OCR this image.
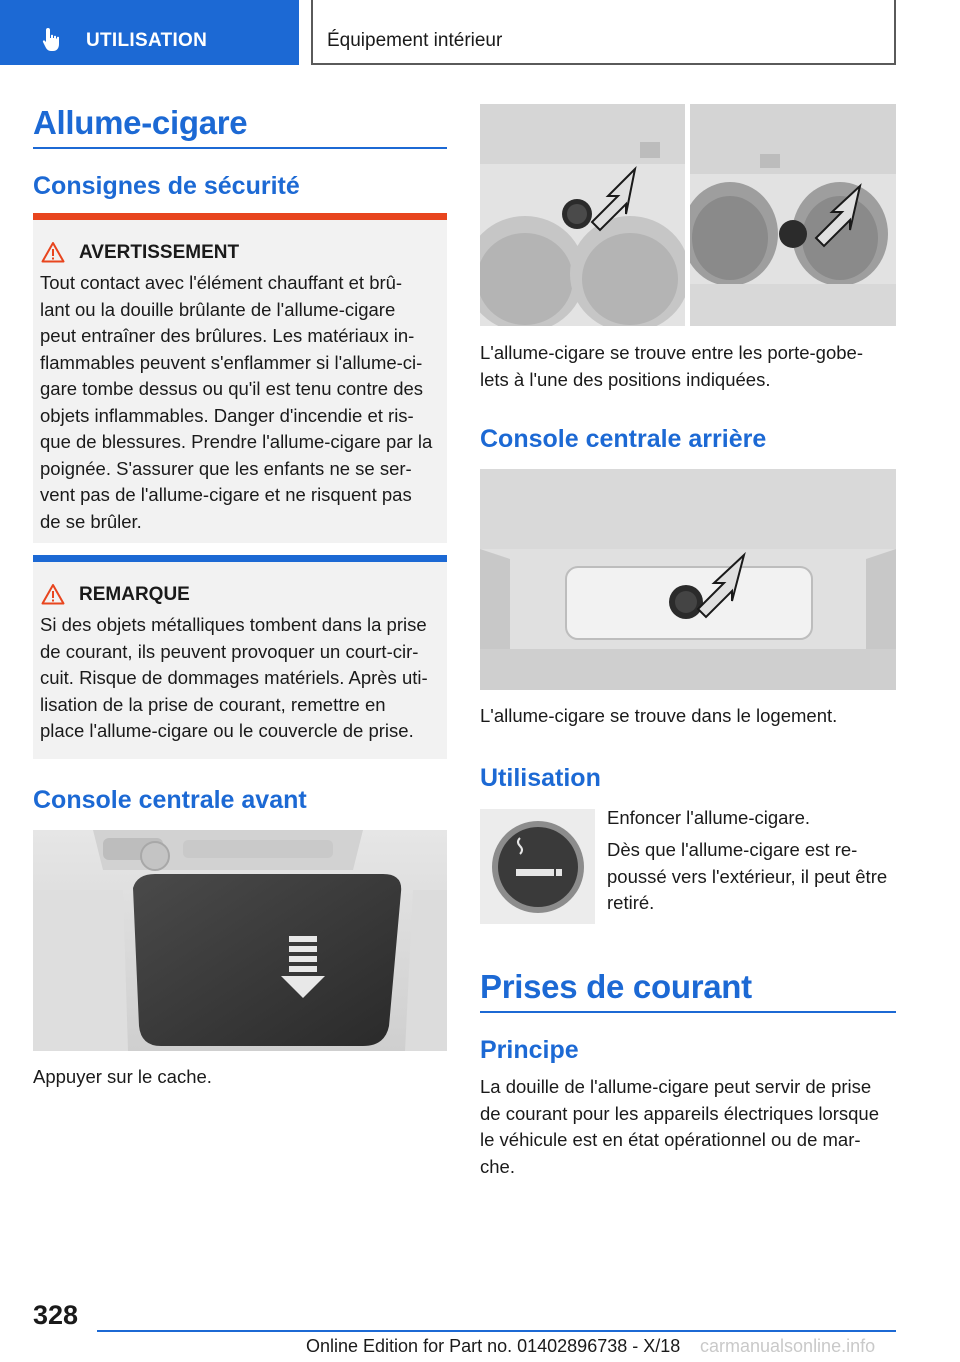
UTILISATION	Équipement intérieur
Allume-cigare
Consignes de sécurité
AVERTISSEMENT
Tout contact avec l'élément chauffant et brû-
lant ou la douille brûlante de l'allume-cigare
peut entraîner des brûlures. Les matériaux in-
flammables peuvent s'enflammer si l'allume-ci-
gare tombe dessus ou qu'il est tenu contre des
objets inflammables. Danger d'incendie et ris-
que de blessures. Prendre l'allume-cigare par la
poignée. S'assurer que les enfants ne se ser-
vent pas de l'allume-cigare et ne risquent pas
de se brûler.
REMARQUE
Si des objets métalliques tombent dans la prise
de courant, ils peuvent provoquer un court-cir-
cuit. Risque de dommages matériels. Après uti-
lisation de la prise de courant, remettre en
place l'allume-cigare ou le couvercle de prise.
Console centrale avant
Appuyer sur le cache.
L'allume-cigare se trouve entre les porte-gobe-
lets à l'une des positions indiquées.
Console centrale arrière
L'allume-cigare se trouve dans le logement.
Utilisation
Enfoncer l'allume-cigare.
Dès que l'allume-cigare est re-
poussé vers l'extérieur, il peut être
retiré.
Prises de courant
Principe
La douille de l'allume-cigare peut servir de prise
de courant pour les appareils électriques lorsque
le véhicule est en état opérationnel ou de mar-
che.
328
Online Edition for Part no. 01402896738 - X/18 carmanualsonline.info
